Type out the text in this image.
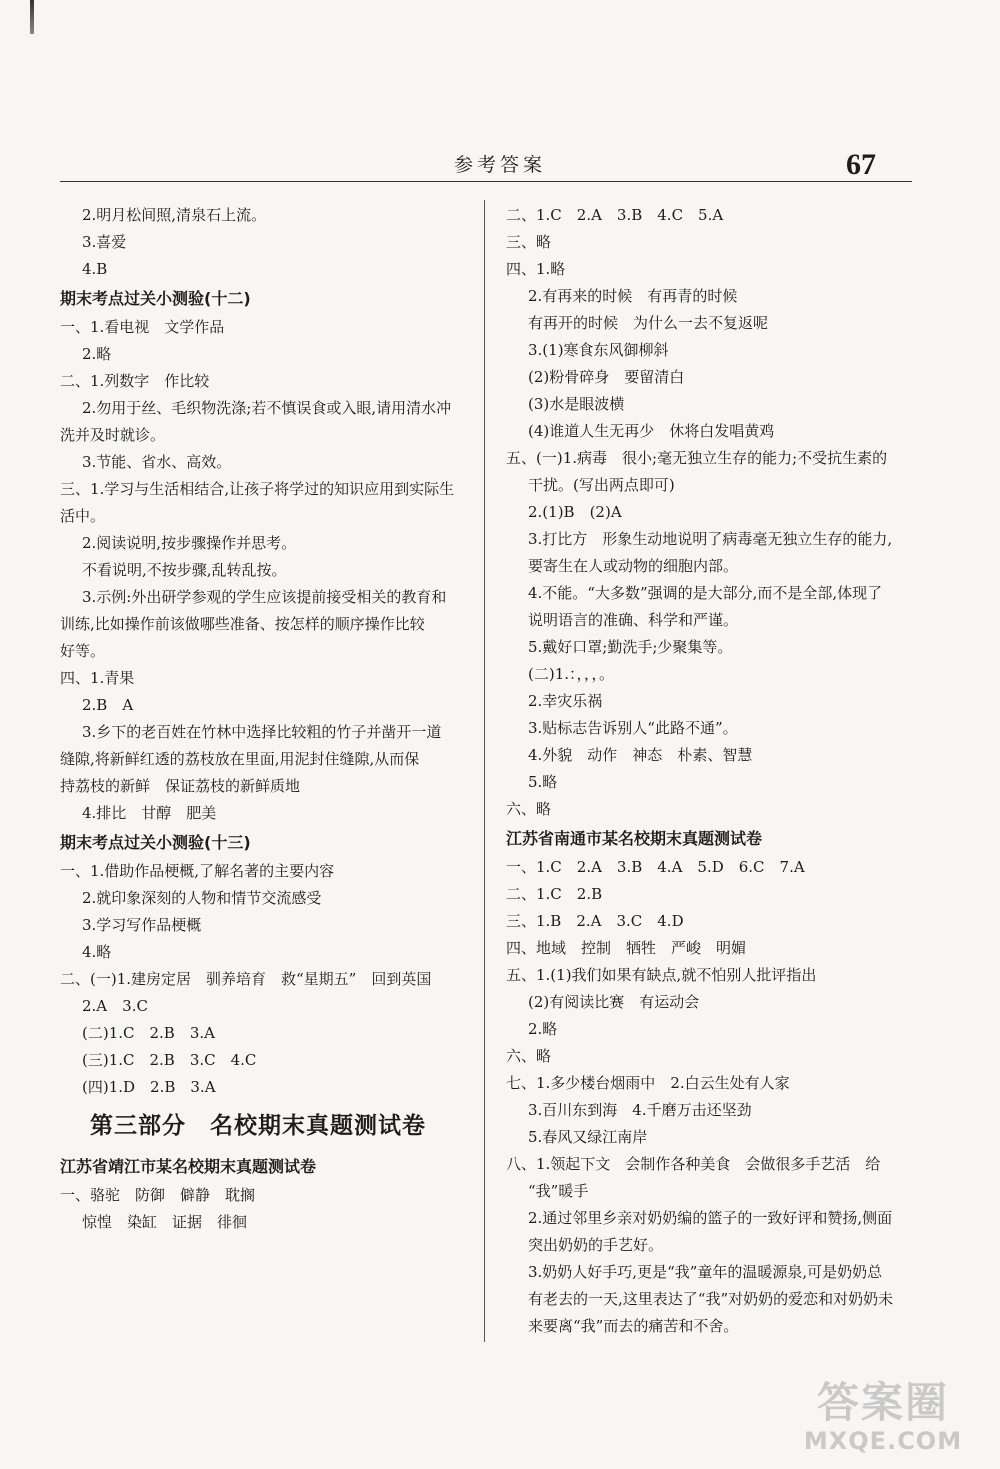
参考答案	67
2.明月松间照,清泉石上流。
3.喜爱
4.B
期末考点过关小测验(十二)
一、1.看电视　文学作品
2.略
二、1.列数字　作比较
2.勿用于丝、毛织物洗涤;若不慎误食或入眼,请用清水冲
洗并及时就诊。
3.节能、省水、高效。
三、1.学习与生活相结合,让孩子将学过的知识应用到实际生
活中。
2.阅读说明,按步骤操作并思考。
不看说明,不按步骤,乱转乱按。
3.示例:外出研学参观的学生应该提前接受相关的教育和
训练,比如操作前该做哪些准备、按怎样的顺序操作比较
好等。
四、1.青果
2.B　A
3.乡下的老百姓在竹林中选择比较粗的竹子并凿开一道
缝隙,将新鲜红透的荔枝放在里面,用泥封住缝隙,从而保
持荔枝的新鲜　保证荔枝的新鲜质地
4.排比　甘醇　肥美
期末考点过关小测验(十三)
一、1.借助作品梗概,了解名著的主要内容
2.就印象深刻的人物和情节交流感受
3.学习写作品梗概
4.略
二、(一)1.建房定居　驯养培育　救“星期五”　回到英国
2.A　3.C
(二)1.C　2.B　3.A
(三)1.C　2.B　3.C　4.C
(四)1.D　2.B　3.A
第三部分　名校期末真题测试卷
江苏省靖江市某名校期末真题测试卷
一、骆驼　防御　僻静　耽搁
惊惶　染缸　证据　徘徊
二、1.C　2.A　3.B　4.C　5.A
三、略
四、1.略
2.有再来的时候　有再青的时候
有再开的时候　为什么一去不复返呢
3.(1)寒食东风御柳斜
(2)粉骨碎身　要留清白
(3)水是眼波横
(4)谁道人生无再少　休将白发唱黄鸡
五、(一)1.病毒　很小;毫无独立生存的能力;不受抗生素的
干扰。(写出两点即可)
2.(1)B　(2)A
3.打比方　形象生动地说明了病毒毫无独立生存的能力,
要寄生在人或动物的细胞内部。
4.不能。“大多数”强调的是大部分,而不是全部,体现了
说明语言的准确、科学和严谨。
5.戴好口罩;勤洗手;少聚集等。
(二)1.：，，，。
2.幸灾乐祸
3.贴标志告诉别人“此路不通”。
4.外貌　动作　神态　朴素、智慧
5.略
六、略
江苏省南通市某名校期末真题测试卷
一、1.C　2.A　3.B　4.A　5.D　6.C　7.A
二、1.C　2.B
三、1.B　2.A　3.C　4.D
四、地域　控制　牺牲　严峻　明媚
五、1.(1)我们如果有缺点,就不怕别人批评指出
(2)有阅读比赛　有运动会
2.略
六、略
七、1.多少楼台烟雨中　2.白云生处有人家
3.百川东到海　4.千磨万击还坚劲
5.春风又绿江南岸
八、1.领起下文　会制作各种美食　会做很多手艺活　给
“我”暖手
2.通过邻里乡亲对奶奶编的篮子的一致好评和赞扬,侧面
突出奶奶的手艺好。
3.奶奶人好手巧,更是“我”童年的温暖源泉,可是奶奶总
有老去的一天,这里表达了“我”对奶奶的爱恋和对奶奶未
来要离“我”而去的痛苦和不舍。
答案圈
MXQE.COM
